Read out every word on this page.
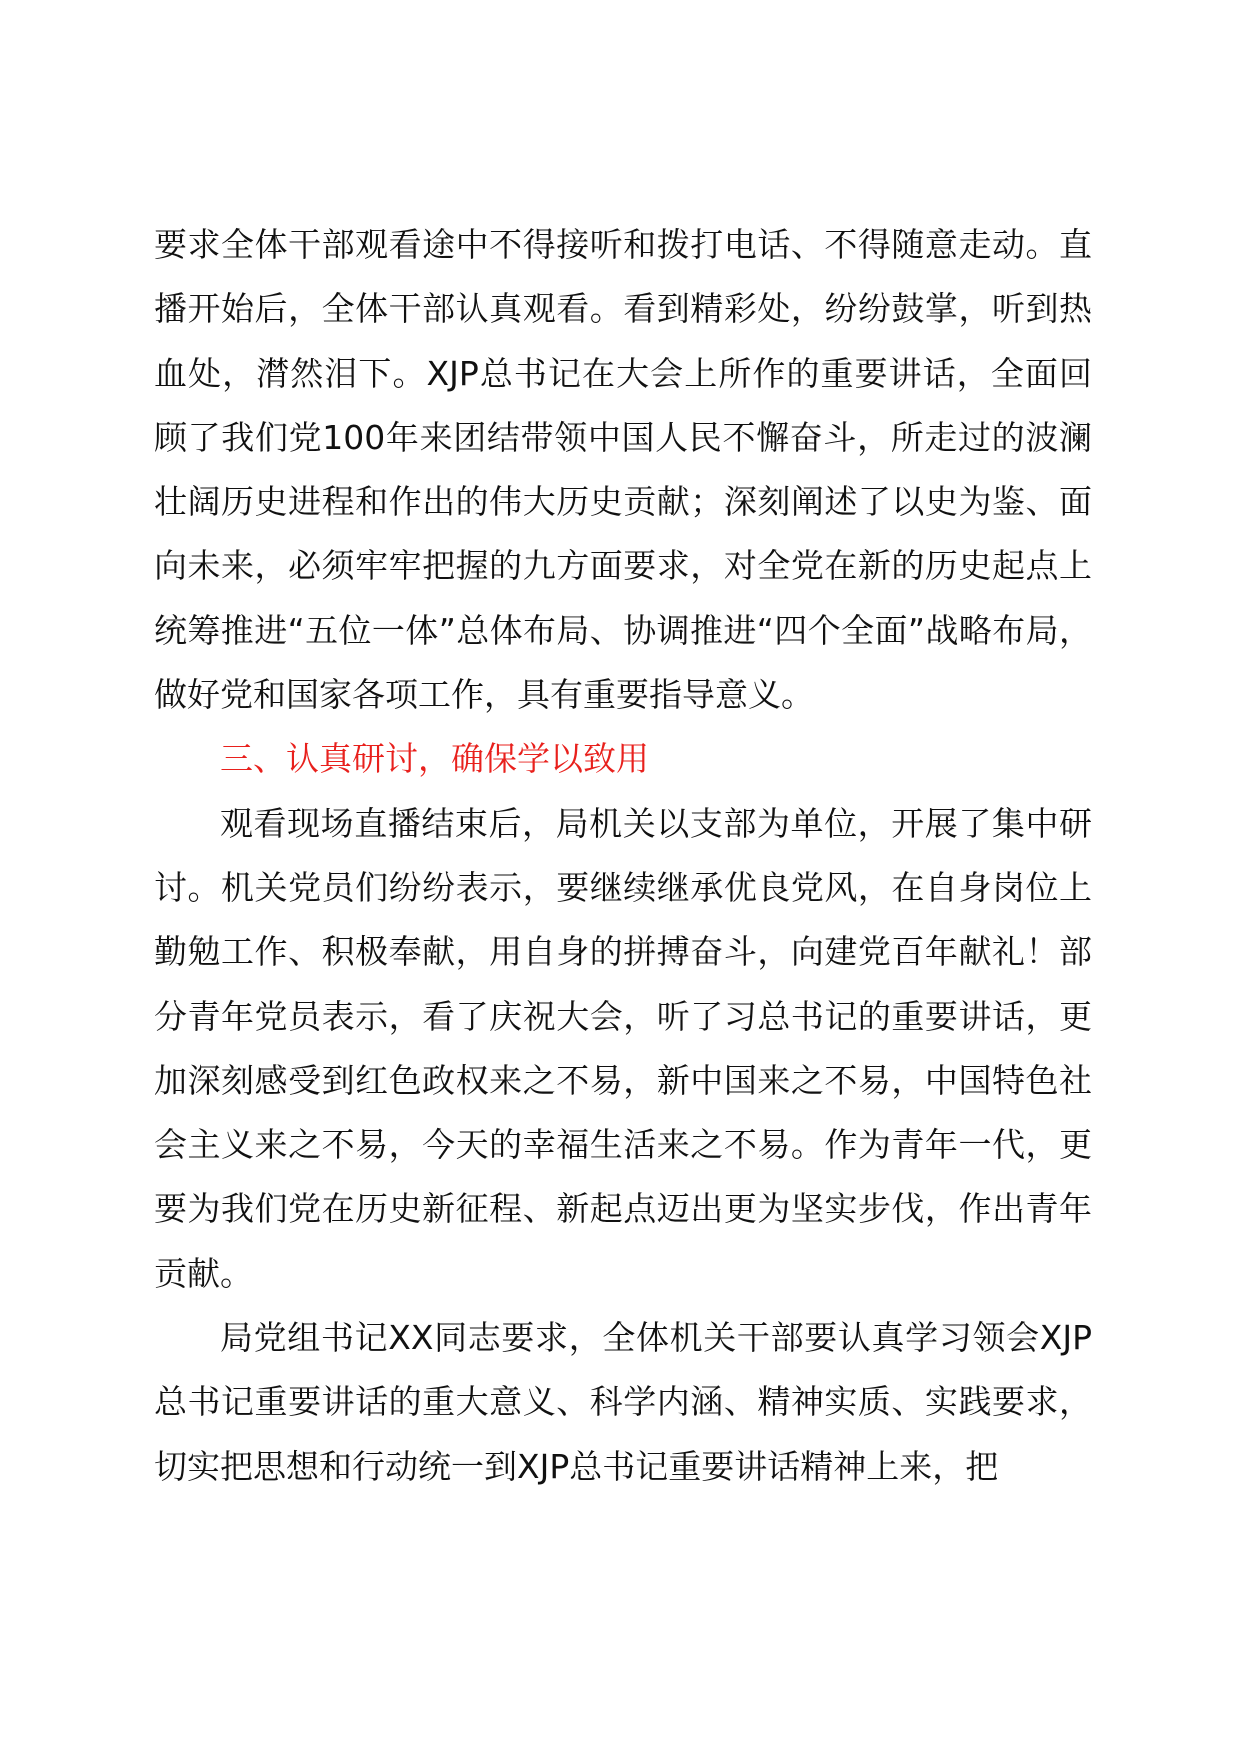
要求全体干部观看途中不得接听和拨打电话、不得随意走动。直播开始后，全体干部认真观看。看到精彩处，纷纷鼓掌，听到热血处，潸然泪下。XJP总书记在大会上所作的重要讲话，全面回顾了我们党100年来团结带领中国人民不懈奋斗，所走过的波澜壮阔历史进程和作出的伟大历史贡献；深刻阐述了以史为鉴、面向未来，必须牢牢把握的九方面要求，对全党在新的历史起点上统筹推进“五位一体”总体布局、协调推进“四个全面”战略布局，做好党和国家各项工作，具有重要指导意义。

三、认真研讨，确保学以致用

观看现场直播结束后，局机关以支部为单位，开展了集中研讨。机关党员们纷纷表示，要继续继承优良党风，在自身岗位上勤勉工作、积极奉献，用自身的拼搏奋斗，向建党百年献礼！部分青年党员表示，看了庆祝大会，听了习总书记的重要讲话，更加深刻感受到红色政权来之不易，新中国来之不易，中国特色社会主义来之不易，今天的幸福生活来之不易。作为青年一代，更要为我们党在历史新征程、新起点迈出更为坚实步伐，作出青年贡献。

局党组书记XX同志要求，全体机关干部要认真学习领会XJP总书记重要讲话的重大意义、科学内涵、精神实质、实践要求，切实把思想和行动统一到XJP总书记重要讲话精神上来，把
